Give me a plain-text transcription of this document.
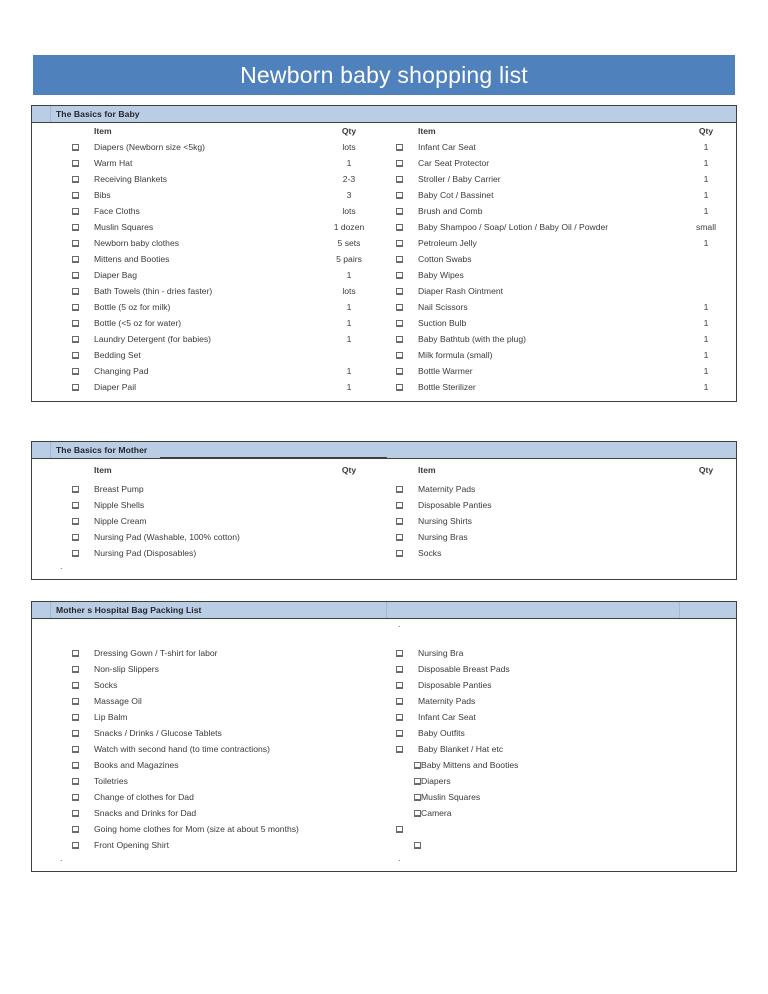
Newborn baby shopping list
The Basics for Baby
Item	Qty
Diapers (Newborn size <5kg)	lots
Warm Hat	1
Receiving Blankets	2-3
Bibs	3
Face Cloths	lots
Muslin Squares	1 dozen
Newborn baby clothes	5 sets
Mittens and Booties	5 pairs
Diaper Bag	1
Bath Towels (thin - dries faster)	lots
Bottle (5 oz for milk)	1
Bottle (<5 oz for water)	1
Laundry Detergent (for babies)	1
Bedding Set
Changing Pad	1
Diaper Pail	1
Item	Qty
Infant Car Seat	1
Car Seat Protector	1
Stroller / Baby Carrier	1
Baby Cot / Bassinet	1
Brush and Comb	1
Baby Shampoo / Soap/ Lotion / Baby Oil / Powder	small
Petroleum Jelly	1
Cotton Swabs
Baby Wipes
Diaper Rash Ointment
Nail Scissors	1
Suction Bulb	1
Baby Bathtub (with the plug)	1
Milk formula (small)	1
Bottle Warmer	1
Bottle Sterilizer	1
The Basics for Mother
Item	Qty
Breast Pump
Nipple Shells
Nipple Cream
Nursing Pad (Washable, 100% cotton)
Nursing Pad (Disposables)
.
Item	Qty
Maternity Pads
Disposable Panties
Nursing Shirts
Nursing Bras
Socks
Mother s Hospital Bag Packing List
Dressing Gown / T-shirt for labor
Non-slip Slippers
Socks
Massage Oil
Lip Balm
Snacks / Drinks / Glucose Tablets
Watch with second hand (to time contractions)
Books and Magazines
Toiletries
Change of clothes for Dad
Snacks and Drinks for Dad
Going home clothes for Mom (size at about 5 months)
Front Opening Shirt
.
.
Nursing Bra
Disposable Breast Pads
Disposable Panties
Maternity Pads
Infant Car Seat
Baby Outfits
Baby Blanket / Hat etc
Baby Mittens and Booties
Diapers
Muslin Squares
Camera
.
